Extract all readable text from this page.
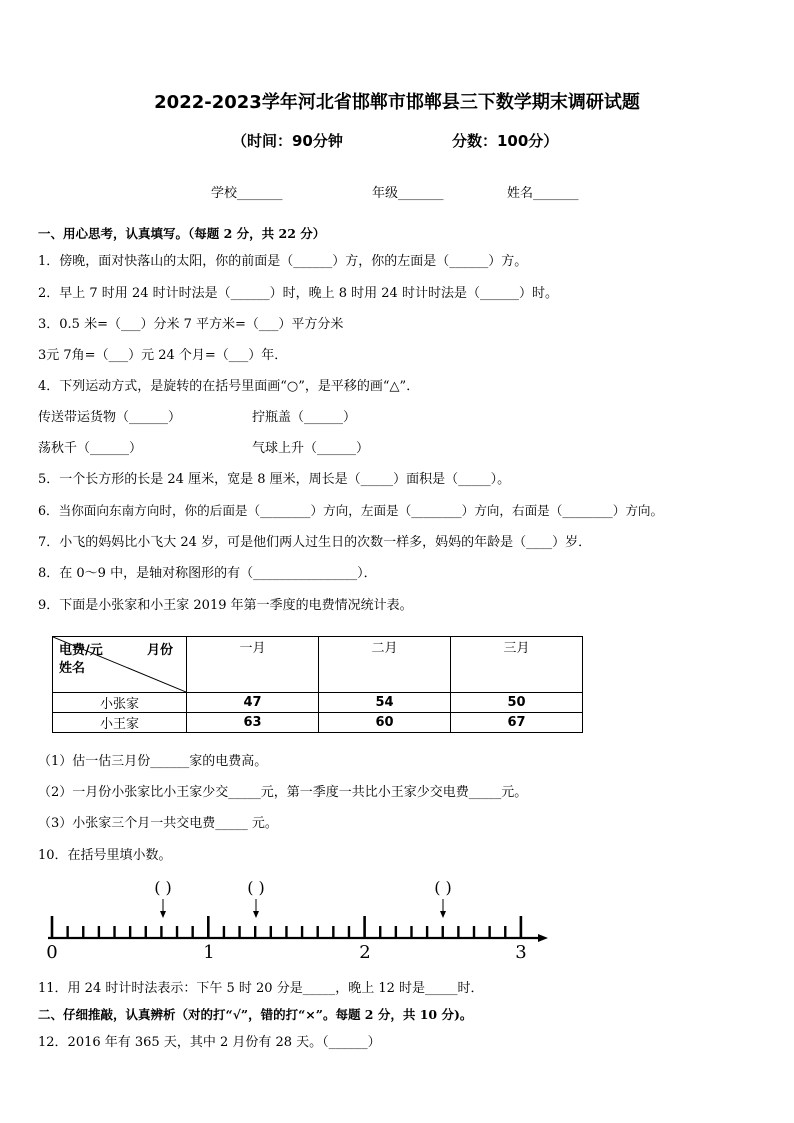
2022-2023学年河北省邯郸市邯郸县三下数学期末调研试题
（时间：90分钟	分数：100分）
学校_______	年级_______	姓名_______
一、用心思考，认真填写。（每题 2 分，共 22 分）
1．傍晚，面对快落山的太阳，你的前面是（______）方，你的左面是（______）方。
2．早上 7 时用 24 时计时法是（______）时，晚上 8 时用 24 时计时法是（______）时。
3．0.5 米=（___）分米 7 平方米=（___）平方分米
3元 7角=（___）元 24 个月=（___）年．
4．下列运动方式，是旋转的在括号里面画“○”，是平移的画“△”．
传送带运货物（______）	拧瓶盖（______）
荡秋千（______）	气球上升（______）
5．一个长方形的长是 24 厘米，宽是 8 厘米，周长是（_____）面积是（_____）。
6．当你面向东南方向时，你的后面是（________）方向，左面是（________）方向，右面是（________）方向。
7．小飞的妈妈比小飞大 24 岁，可是他们两人过生日的次数一样多，妈妈的年龄是（____）岁．
8．在 0～9 中，是轴对称图形的有（________________）．
9．下面是小张家和小王家 2019 年第一季度的电费情况统计表。
电费/元 月份
姓名	一月	二月	三月
小张家	47	54	50
小王家	63	60	67
（1）估一估三月份______家的电费高。
（2）一月份小张家比小王家少交_____元，第一季度一共比小王家少交电费_____元。
（3）小张家三个月一共交电费_____ 元。
10．在括号里填小数。
0	1	2	3
( )	( )	( )
11．用 24 时计时法表示：下午 5 时 20 分是_____，晚上 12 时是_____时．
二、仔细推敲，认真辨析（对的打“√”，错的打“×”。每题 2 分，共 10 分)。
12．2016 年有 365 天，其中 2 月份有 28 天。（______）
